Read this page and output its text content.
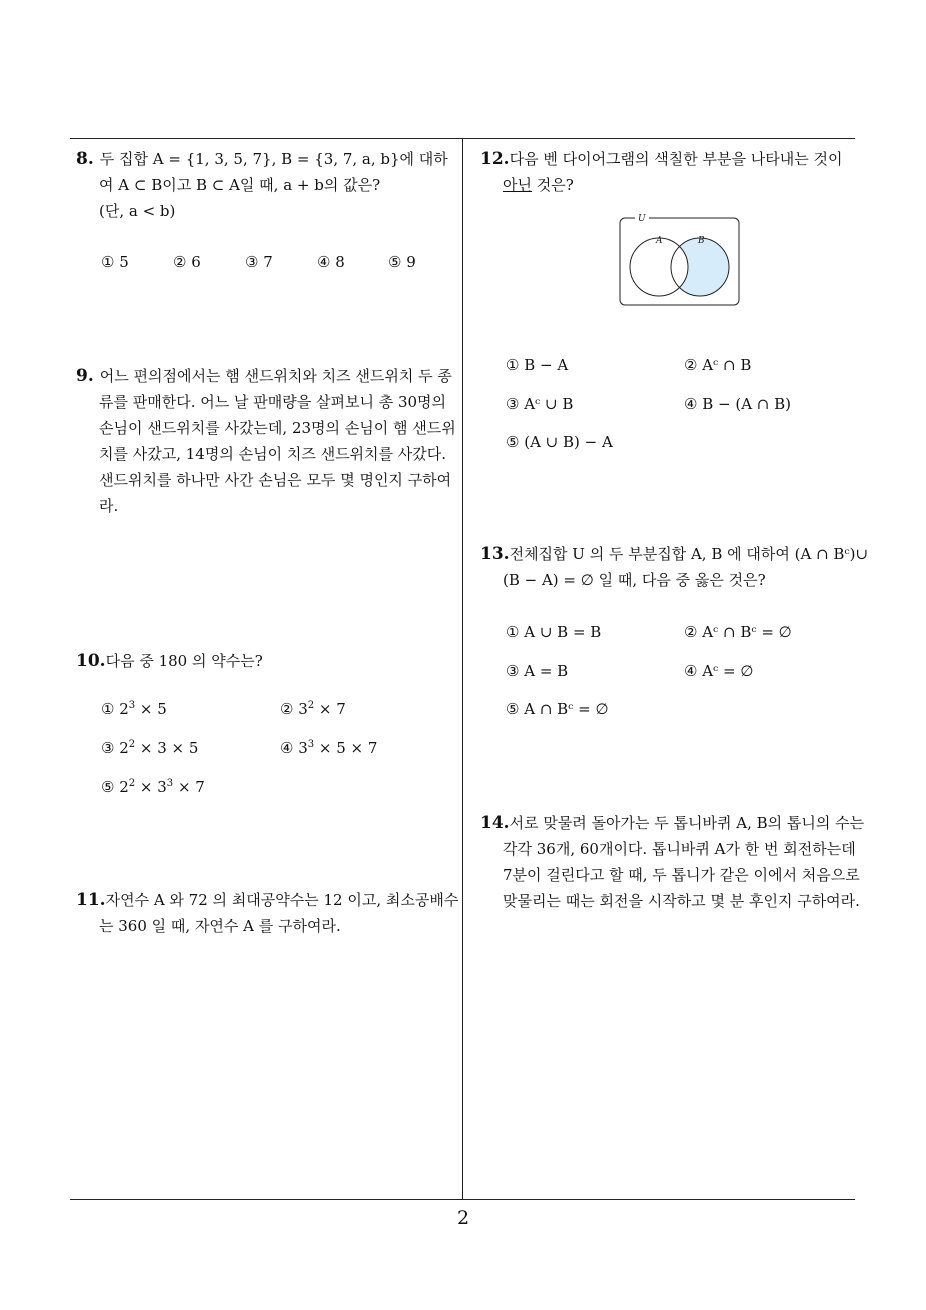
8. 두 집합 A = {1, 3, 5, 7}, B = {3, 7, a, b}에 대하
여 A ⊂ B이고 B ⊂ A일 때, a + b의 값은?
(단, a < b)
① 5	② 6	③ 7	④ 8	⑤ 9
9. 어느 편의점에서는 햄 샌드위치와 치즈 샌드위치 두 종
류를 판매한다. 어느 날 판매량을 살펴보니 총 30명의
손님이 샌드위치를 사갔는데, 23명의 손님이 햄 샌드위
치를 사갔고, 14명의 손님이 치즈 샌드위치를 사갔다.
샌드위치를 하나만 사간 손님은 모두 몇 명인지 구하여
라.
10.다음 중 180 의 약수는?
① $2^3 \times 5$	② $3^2 \times 7$
③ $2^2 \times 3 \times 5$	④ $3^3 \times 5 \times 7$
⑤ $2^2 \times 3^3 \times 7$
11.자연수 A 와 72 의 최대공약수는 12 이고, 최소공배수
는 360 일 때, 자연수 A 를 구하여라.
12.다음 벤 다이어그램의 색칠한 부분을 나타내는 것이
아닌 것은?
U
A	B
① B − A	② Aᶜ ∩ B
③ Aᶜ ∪ B	④ B − (A ∩ B)
⑤ (A ∪ B) − A
13.전체집합 U 의 두 부분집합 A, B 에 대하여 (A ∩ Bᶜ)∪
(B − A) = ∅ 일 때, 다음 중 옳은 것은?
① A ∪ B = B	② Aᶜ ∩ Bᶜ = ∅
③ A = B	④ Aᶜ = ∅
⑤ A ∩ Bᶜ = ∅
14.서로 맞물려 돌아가는 두 톱니바퀴 A, B의 톱니의 수는
각각 36개, 60개이다. 톱니바퀴 A가 한 번 회전하는데
7분이 걸린다고 할 때, 두 톱니가 같은 이에서 처음으로
맞물리는 때는 회전을 시작하고 몇 분 후인지 구하여라.
2
